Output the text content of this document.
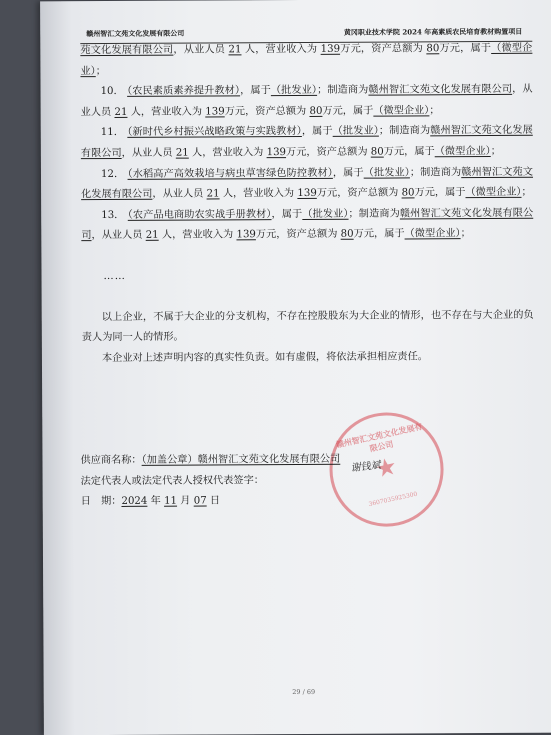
赣州智汇文苑文化发展有限公司	黄冈职业技术学院 2024 年高素质农民培育教材购置项目

苑文化发展有限公司，从业人员 21 人，营业收入为 139万元，资产总额为 80万元，属于（微型企业）；

10.　（农民素质素养提升教材），属于（批发业）；制造商为赣州智汇文苑文化发展有限公司，从业人员 21 人，营业收入为 139万元，资产总额为 80万元，属于（微型企业）；

11.　（新时代乡村振兴战略政策与实践教材），属于（批发业）；制造商为赣州智汇文苑文化发展有限公司，从业人员 21 人，营业收入为 139万元，资产总额为 80万元，属于（微型企业）；

12.　（水稻高产高效栽培与病虫草害绿色防控教材），属于（批发业）；制造商为赣州智汇文苑文化发展有限公司，从业人员 21 人，营业收入为 139万元，资产总额为 80万元，属于（微型企业）；

13.　（农产品电商助农实战手册教材），属于（批发业）；制造商为赣州智汇文苑文化发展有限公司，从业人员 21 人，营业收入为 139万元，资产总额为 80万元，属于（微型企业）；

……

以上企业，不属于大企业的分支机构，不存在控股股东为大企业的情形，也不存在与大企业的负责人为同一人的情形。

本企业对上述声明内容的真实性负责。如有虚假，将依法承担相应责任。

赣州智汇文苑文化发展有限公司
★
3607035925300
供应商名称：（加盖公章）赣州智汇文苑文化发展有限公司
法定代表人或法定代表人授权代表签字：
日　期：2024 年 11 月 07 日
谢钱斌
29 / 69
